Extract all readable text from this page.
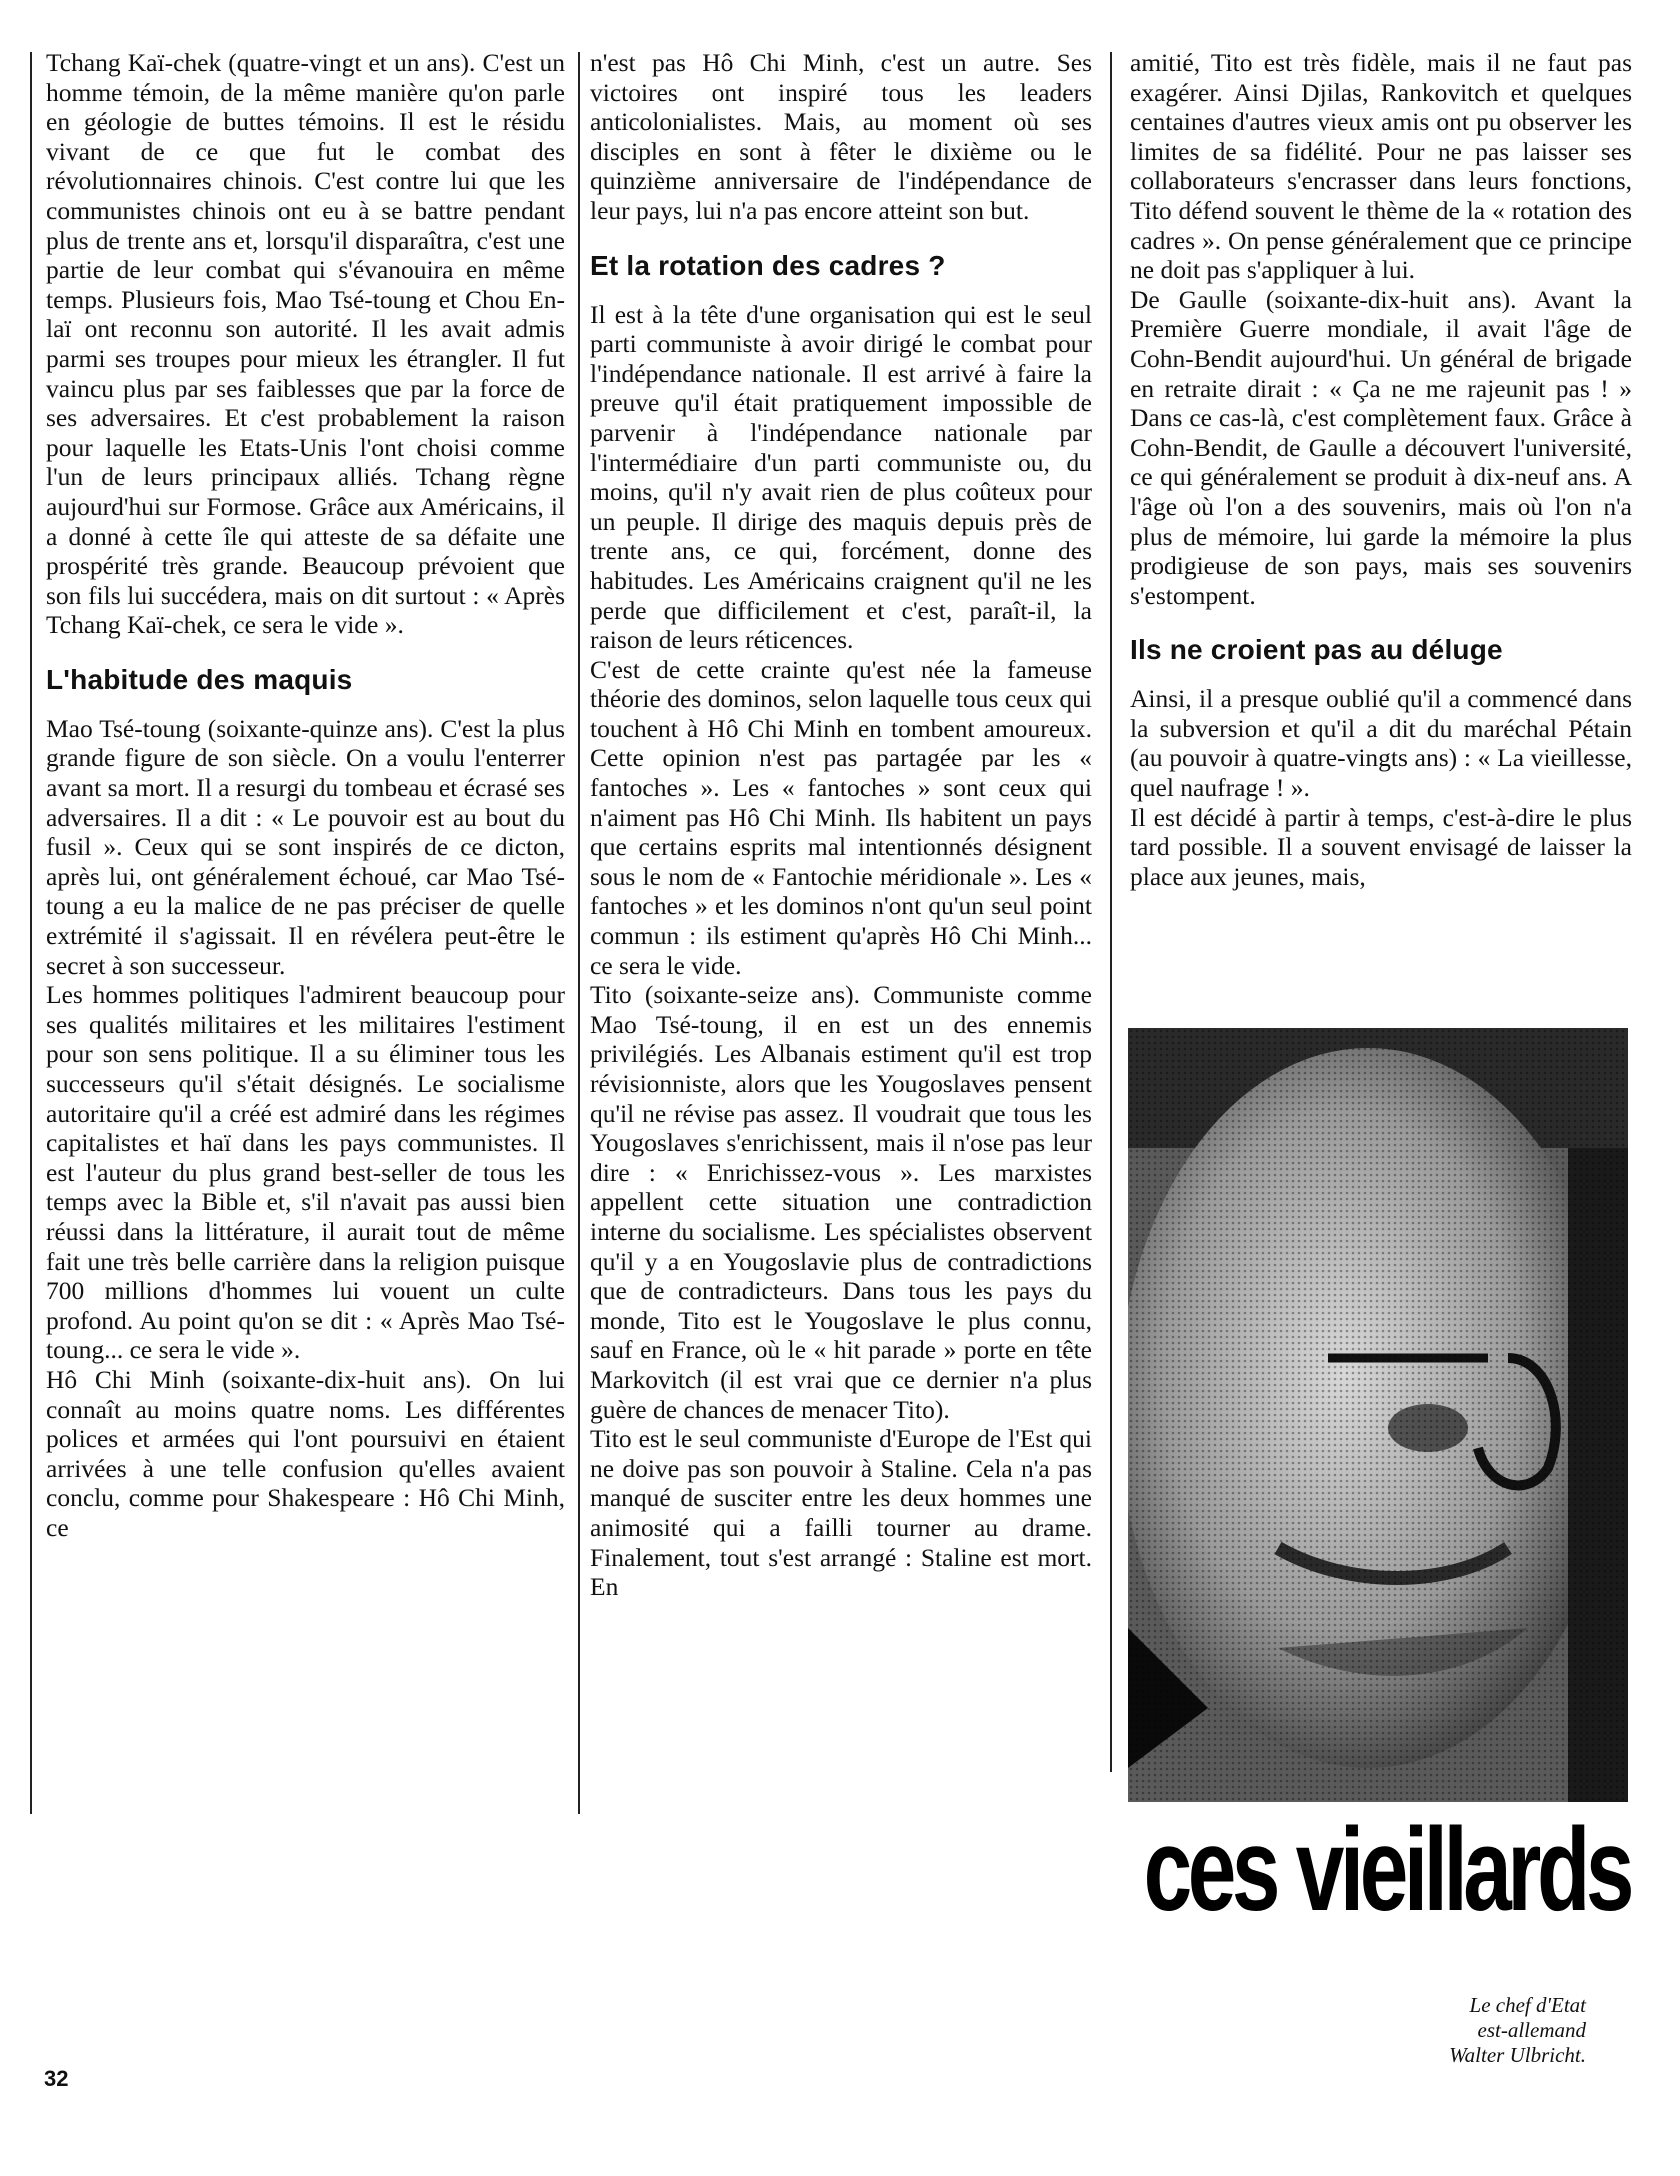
Tchang Kaï-chek (quatre-vingt et un ans). C'est un homme témoin, de la même manière qu'on parle en géologie de buttes témoins. Il est le résidu vivant de ce que fut le combat des révolutionnaires chinois. C'est contre lui que les communistes chinois ont eu à se battre pendant plus de trente ans et, lorsqu'il disparaîtra, c'est une partie de leur combat qui s'évanouira en même temps. Plusieurs fois, Mao Tsé-toung et Chou En-laï ont reconnu son autorité. Il les avait admis parmi ses troupes pour mieux les étrangler. Il fut vaincu plus par ses faiblesses que par la force de ses adversaires. Et c'est probablement la raison pour laquelle les Etats-Unis l'ont choisi comme l'un de leurs principaux alliés. Tchang règne aujourd'hui sur Formose. Grâce aux Américains, il a donné à cette île qui atteste de sa défaite une prospérité très grande. Beaucoup prévoient que son fils lui succédera, mais on dit surtout : « Après Tchang Kaï-chek, ce sera le vide ».

L'habitude des maquis

Mao Tsé-toung (soixante-quinze ans). C'est la plus grande figure de son siècle. On a voulu l'enterrer avant sa mort. Il a resurgi du tombeau et écrasé ses adversaires. Il a dit : « Le pouvoir est au bout du fusil ». Ceux qui se sont inspirés de ce dicton, après lui, ont généralement échoué, car Mao Tsé-toung a eu la malice de ne pas préciser de quelle extrémité il s'agissait. Il en révélera peut-être le secret à son successeur.

Les hommes politiques l'admirent beaucoup pour ses qualités militaires et les militaires l'estiment pour son sens politique. Il a su éliminer tous les successeurs qu'il s'était désignés. Le socialisme autoritaire qu'il a créé est admiré dans les régimes capitalistes et haï dans les pays communistes. Il est l'auteur du plus grand best-seller de tous les temps avec la Bible et, s'il n'avait pas aussi bien réussi dans la littérature, il aurait tout de même fait une très belle carrière dans la religion puisque 700 millions d'hommes lui vouent un culte profond. Au point qu'on se dit : « Après Mao Tsé-toung... ce sera le vide ».

Hô Chi Minh (soixante-dix-huit ans). On lui connaît au moins quatre noms. Les différentes polices et armées qui l'ont poursuivi en étaient arrivées à une telle confusion qu'elles avaient conclu, comme pour Shakespeare : Hô Chi Minh, ce

n'est pas Hô Chi Minh, c'est un autre. Ses victoires ont inspiré tous les leaders anticolonialistes. Mais, au moment où ses disciples en sont à fêter le dixième ou le quinzième anniversaire de l'indépendance de leur pays, lui n'a pas encore atteint son but.

Et la rotation des cadres ?

Il est à la tête d'une organisation qui est le seul parti communiste à avoir dirigé le combat pour l'indépendance nationale. Il est arrivé à faire la preuve qu'il était pratiquement impossible de parvenir à l'indépendance nationale par l'intermédiaire d'un parti communiste ou, du moins, qu'il n'y avait rien de plus coûteux pour un peuple. Il dirige des maquis depuis près de trente ans, ce qui, forcément, donne des habitudes. Les Américains craignent qu'il ne les perde que difficilement et c'est, paraît-il, la raison de leurs réticences.

C'est de cette crainte qu'est née la fameuse théorie des dominos, selon laquelle tous ceux qui touchent à Hô Chi Minh en tombent amoureux. Cette opinion n'est pas partagée par les « fantoches ». Les « fantoches » sont ceux qui n'aiment pas Hô Chi Minh. Ils habitent un pays que certains esprits mal intentionnés désignent sous le nom de « Fantochie méridionale ». Les « fantoches » et les dominos n'ont qu'un seul point commun : ils estiment qu'après Hô Chi Minh... ce sera le vide.

Tito (soixante-seize ans). Communiste comme Mao Tsé-toung, il en est un des ennemis privilégiés. Les Albanais estiment qu'il est trop révisionniste, alors que les Yougoslaves pensent qu'il ne révise pas assez. Il voudrait que tous les Yougoslaves s'enrichissent, mais il n'ose pas leur dire : « Enrichissez-vous ». Les marxistes appellent cette situation une contradiction interne du socialisme. Les spécialistes observent qu'il y a en Yougoslavie plus de contradictions que de contradicteurs. Dans tous les pays du monde, Tito est le Yougoslave le plus connu, sauf en France, où le « hit parade » porte en tête Markovitch (il est vrai que ce dernier n'a plus guère de chances de menacer Tito).

Tito est le seul communiste d'Europe de l'Est qui ne doive pas son pouvoir à Staline. Cela n'a pas manqué de susciter entre les deux hommes une animosité qui a failli tourner au drame. Finalement, tout s'est arrangé : Staline est mort. En

amitié, Tito est très fidèle, mais il ne faut pas exagérer. Ainsi Djilas, Rankovitch et quelques centaines d'autres vieux amis ont pu observer les limites de sa fidélité. Pour ne pas laisser ses collaborateurs s'encrasser dans leurs fonctions, Tito défend souvent le thème de la « rotation des cadres ». On pense généralement que ce principe ne doit pas s'appliquer à lui.

De Gaulle (soixante-dix-huit ans). Avant la Première Guerre mondiale, il avait l'âge de Cohn-Bendit aujourd'hui. Un général de brigade en retraite dirait : « Ça ne me rajeunit pas ! » Dans ce cas-là, c'est complètement faux. Grâce à Cohn-Bendit, de Gaulle a découvert l'université, ce qui généralement se produit à dix-neuf ans. A l'âge où l'on a des souvenirs, mais où l'on n'a plus de mémoire, lui garde la mémoire la plus prodigieuse de son pays, mais ses souvenirs s'estompent.

Ils ne croient pas au déluge

Ainsi, il a presque oublié qu'il a commencé dans la subversion et qu'il a dit du maréchal Pétain (au pouvoir à quatre-vingts ans) : « La vieillesse, quel naufrage ! ».

Il est décidé à partir à temps, c'est-à-dire le plus tard possible. Il a souvent envisagé de laisser la place aux jeunes, mais,

ces vieillards
Le chef d'Etat
est-allemand
Walter Ulbricht.
32
